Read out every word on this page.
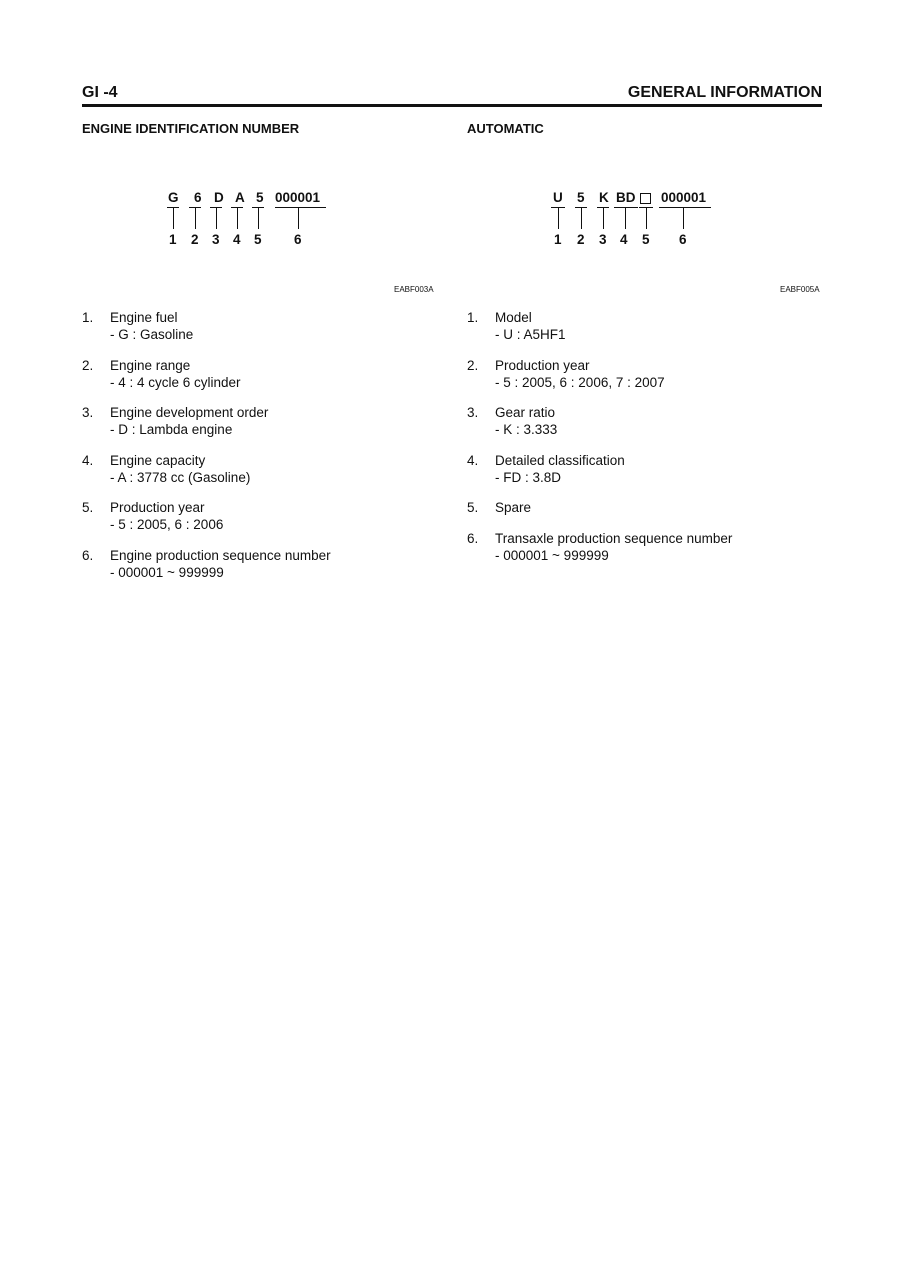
GI -4	GENERAL INFORMATION
ENGINE IDENTIFICATION NUMBER	AUTOMATIC
G 6 D A 5 000001
1 2 3 4 5 6
EABF003A
U 5 K BD 000001
1 2 3 4 5 6
EABF005A
1. Engine fuel
- G : Gasoline
2. Engine range
- 4 : 4 cycle 6 cylinder
3. Engine development order
- D : Lambda engine
4. Engine capacity
- A : 3778 cc (Gasoline)
5. Production year
- 5 : 2005, 6 : 2006
6. Engine production sequence number
- 000001 ~ 999999
1. Model
- U : A5HF1
2. Production year
- 5 : 2005, 6 : 2006, 7 : 2007
3. Gear ratio
- K : 3.333
4. Detailed classification
- FD : 3.8D
5. Spare
6. Transaxle production sequence number
- 000001 ~ 999999
